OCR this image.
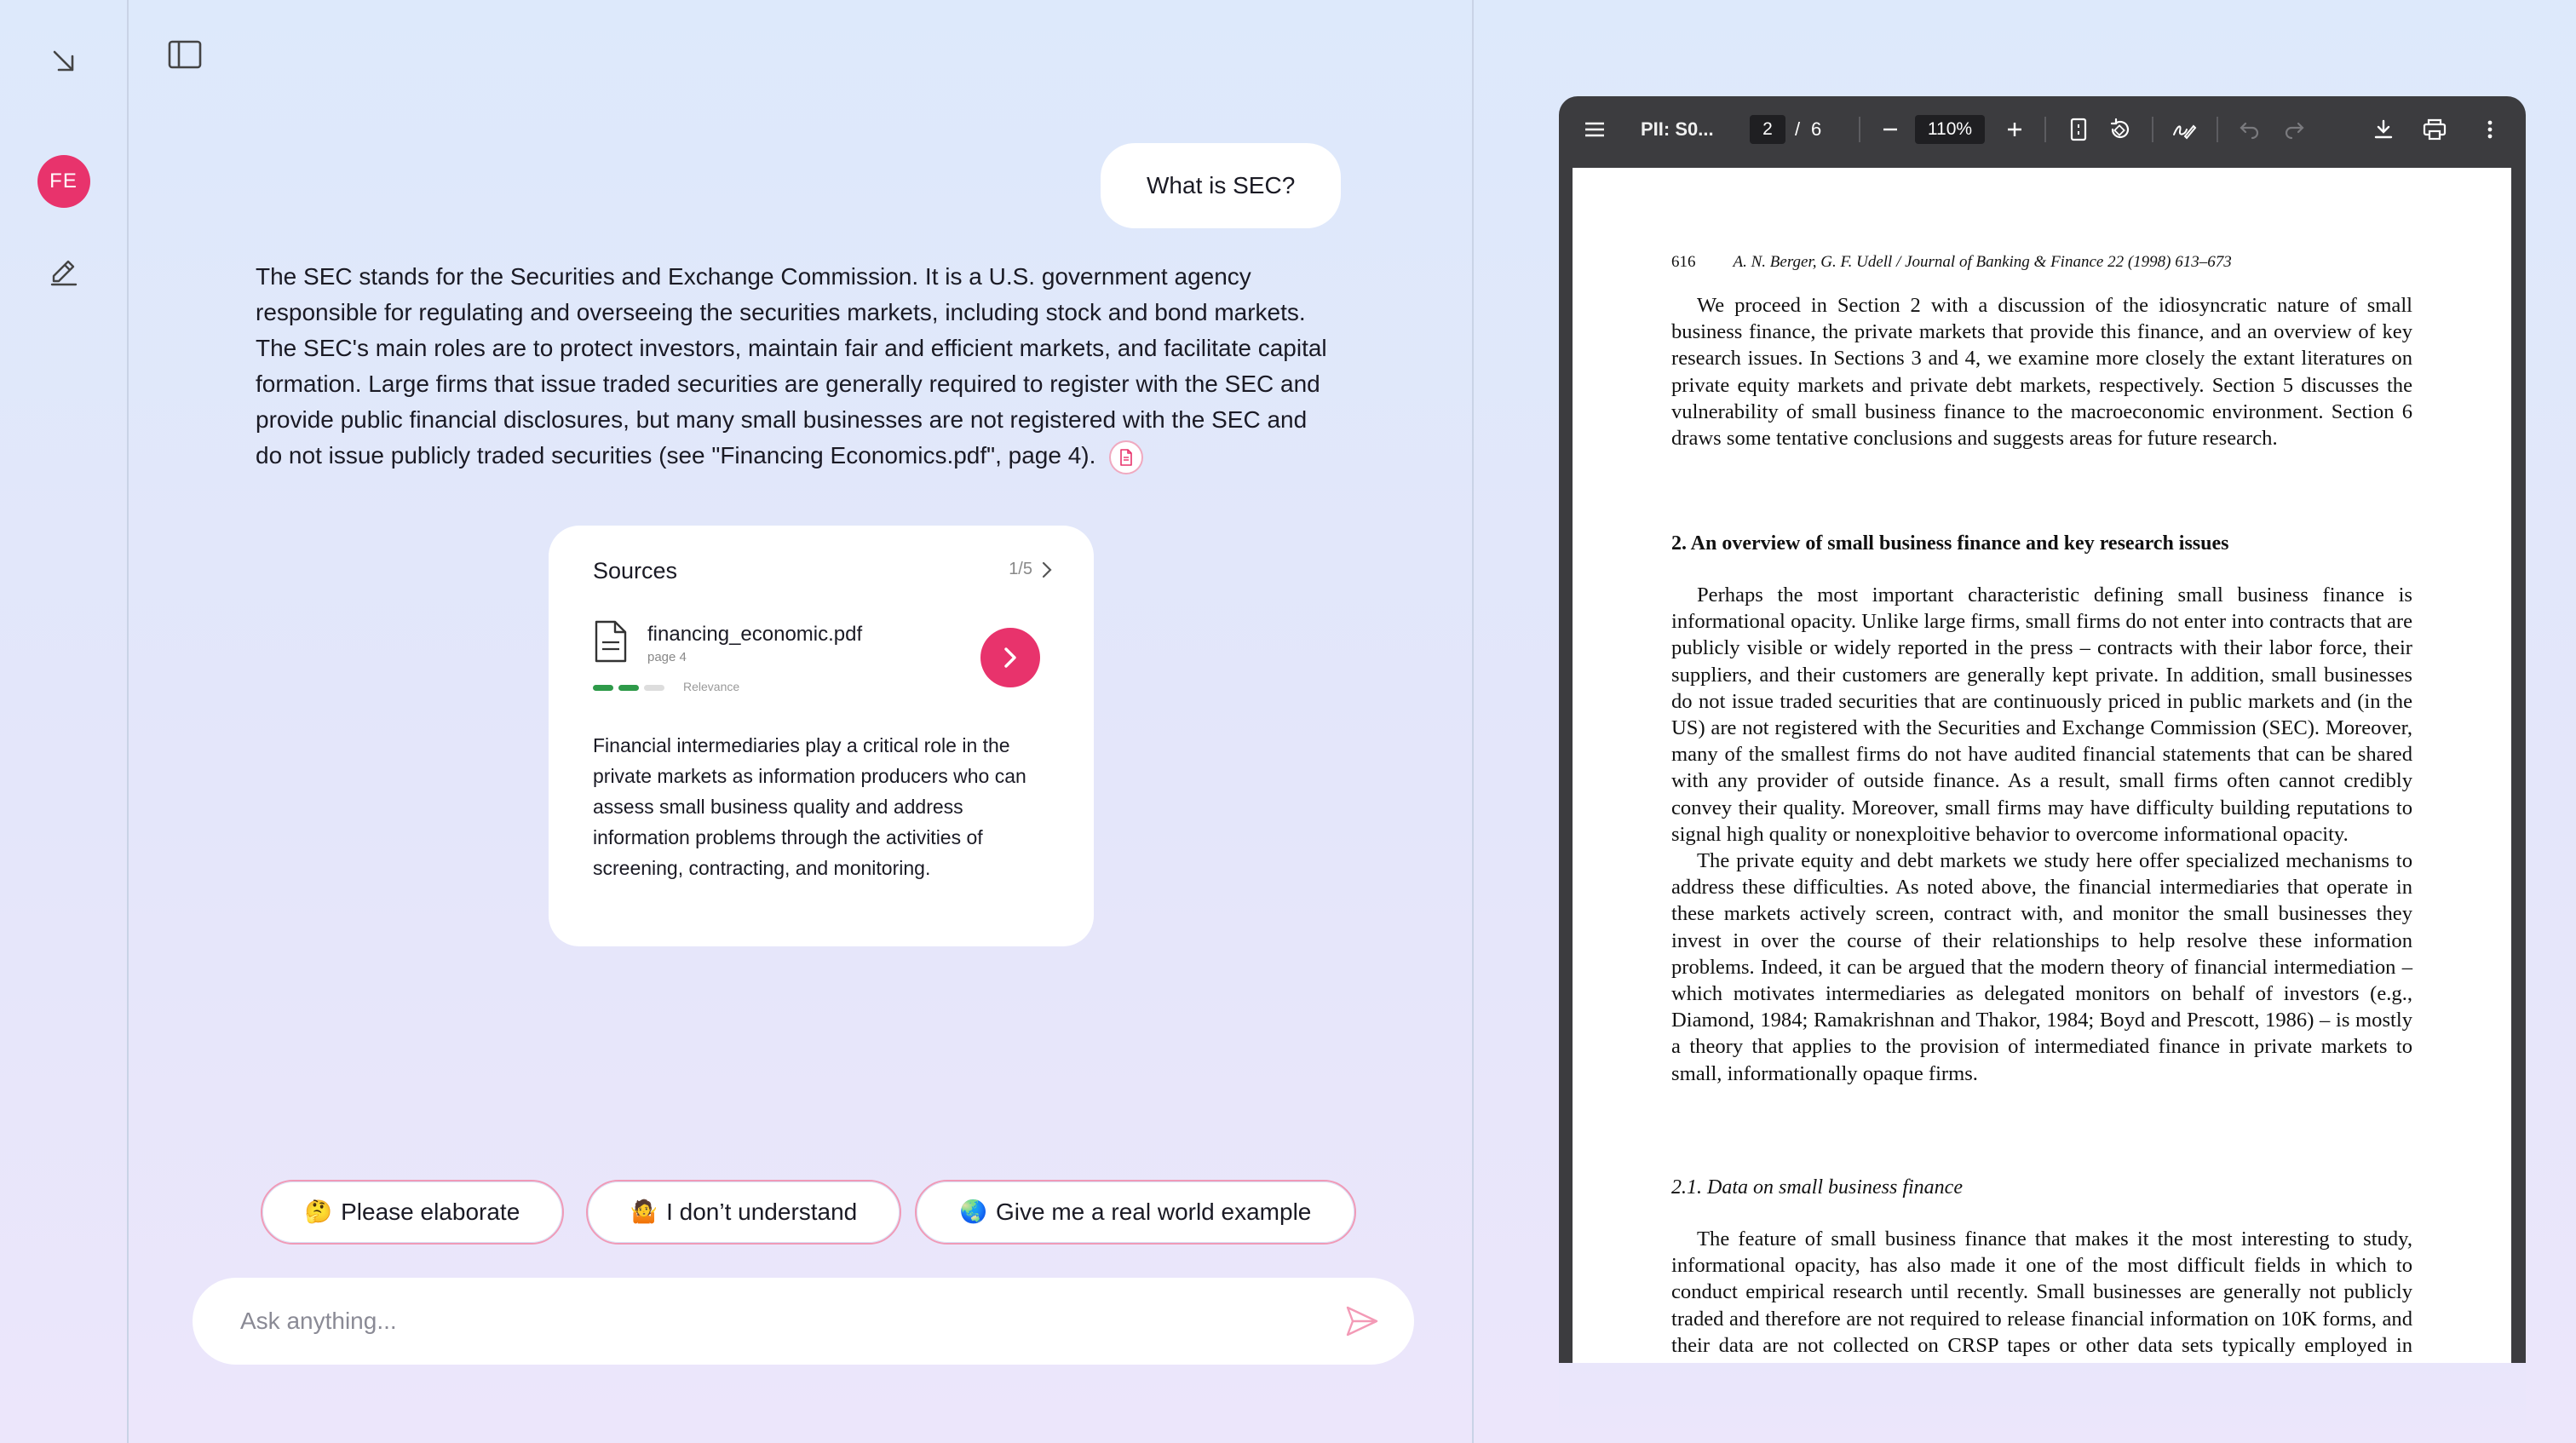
FE	What is SEC?
The SEC stands for the Securities and Exchange Commission. It is a U.S. government agency responsible for regulating and overseeing the securities markets, including stock and bond markets. The SEC's main roles are to protect investors, maintain fair and efficient markets, and facilitate capital formation. Large firms that issue traded securities are generally required to register with the SEC and provide public financial disclosures, but many small businesses are not registered with the SEC and do not issue publicly traded securities (see "Financing Economics.pdf", page 4).
Sources	1/5
financing_economic.pdf
page 4
Relevance
Financial intermediaries play a critical role in the private markets as information producers who can assess small business quality and address information problems through the activities of screening, contracting, and monitoring.
🤔 Please elaborate	🤷 I don’t understand	🌏 Give me a real world example
Ask anything...
PII: S0...	2	/ 6	110%
616 A. N. Berger, G. F. Udell / Journal of Banking & Finance 22 (1998) 613–673

We proceed in Section 2 with a discussion of the idiosyncratic nature of small business finance, the private markets that provide this finance, and an overview of key research issues. In Sections 3 and 4, we examine more closely the extant literatures on private equity markets and private debt markets, respectively. Section 5 discusses the vulnerability of small business finance to the macroeconomic environment. Section 6 draws some tentative conclusions and suggests areas for future research.

2. An overview of small business finance and key research issues

Perhaps the most important characteristic defining small business finance is informational opacity. Unlike large firms, small firms do not enter into contracts that are publicly visible or widely reported in the press – contracts with their labor force, their suppliers, and their customers are generally kept private. In addition, small businesses do not issue traded securities that are continuously priced in public markets and (in the US) are not registered with the Securities and Exchange Commission (SEC). Moreover, many of the smallest firms do not have audited financial statements that can be shared with any provider of outside finance. As a result, small firms often cannot credibly convey their quality. Moreover, small firms may have difficulty building reputations to signal high quality or nonexploitive behavior to overcome informational opacity.

The private equity and debt markets we study here offer specialized mechanisms to address these difficulties. As noted above, the financial intermediaries that operate in these markets actively screen, contract with, and monitor the small businesses they invest in over the course of their relationships to help resolve these information problems. Indeed, it can be argued that the modern theory of financial intermediation – which motivates intermediaries as delegated monitors on behalf of investors (e.g., Diamond, 1984; Ramakrishnan and Thakor, 1984; Boyd and Prescott, 1986) – is mostly a theory that applies to the provision of intermediated finance in private markets to small, informationally opaque firms.

2.1. Data on small business finance

The feature of small business finance that makes it the most interesting to study, informational opacity, has also made it one of the most difficult fields in which to conduct empirical research until recently. Small businesses are generally not publicly traded and therefore are not required to release financial information on 10K forms, and their data are not collected on CRSP tapes or other data sets typically employed in
